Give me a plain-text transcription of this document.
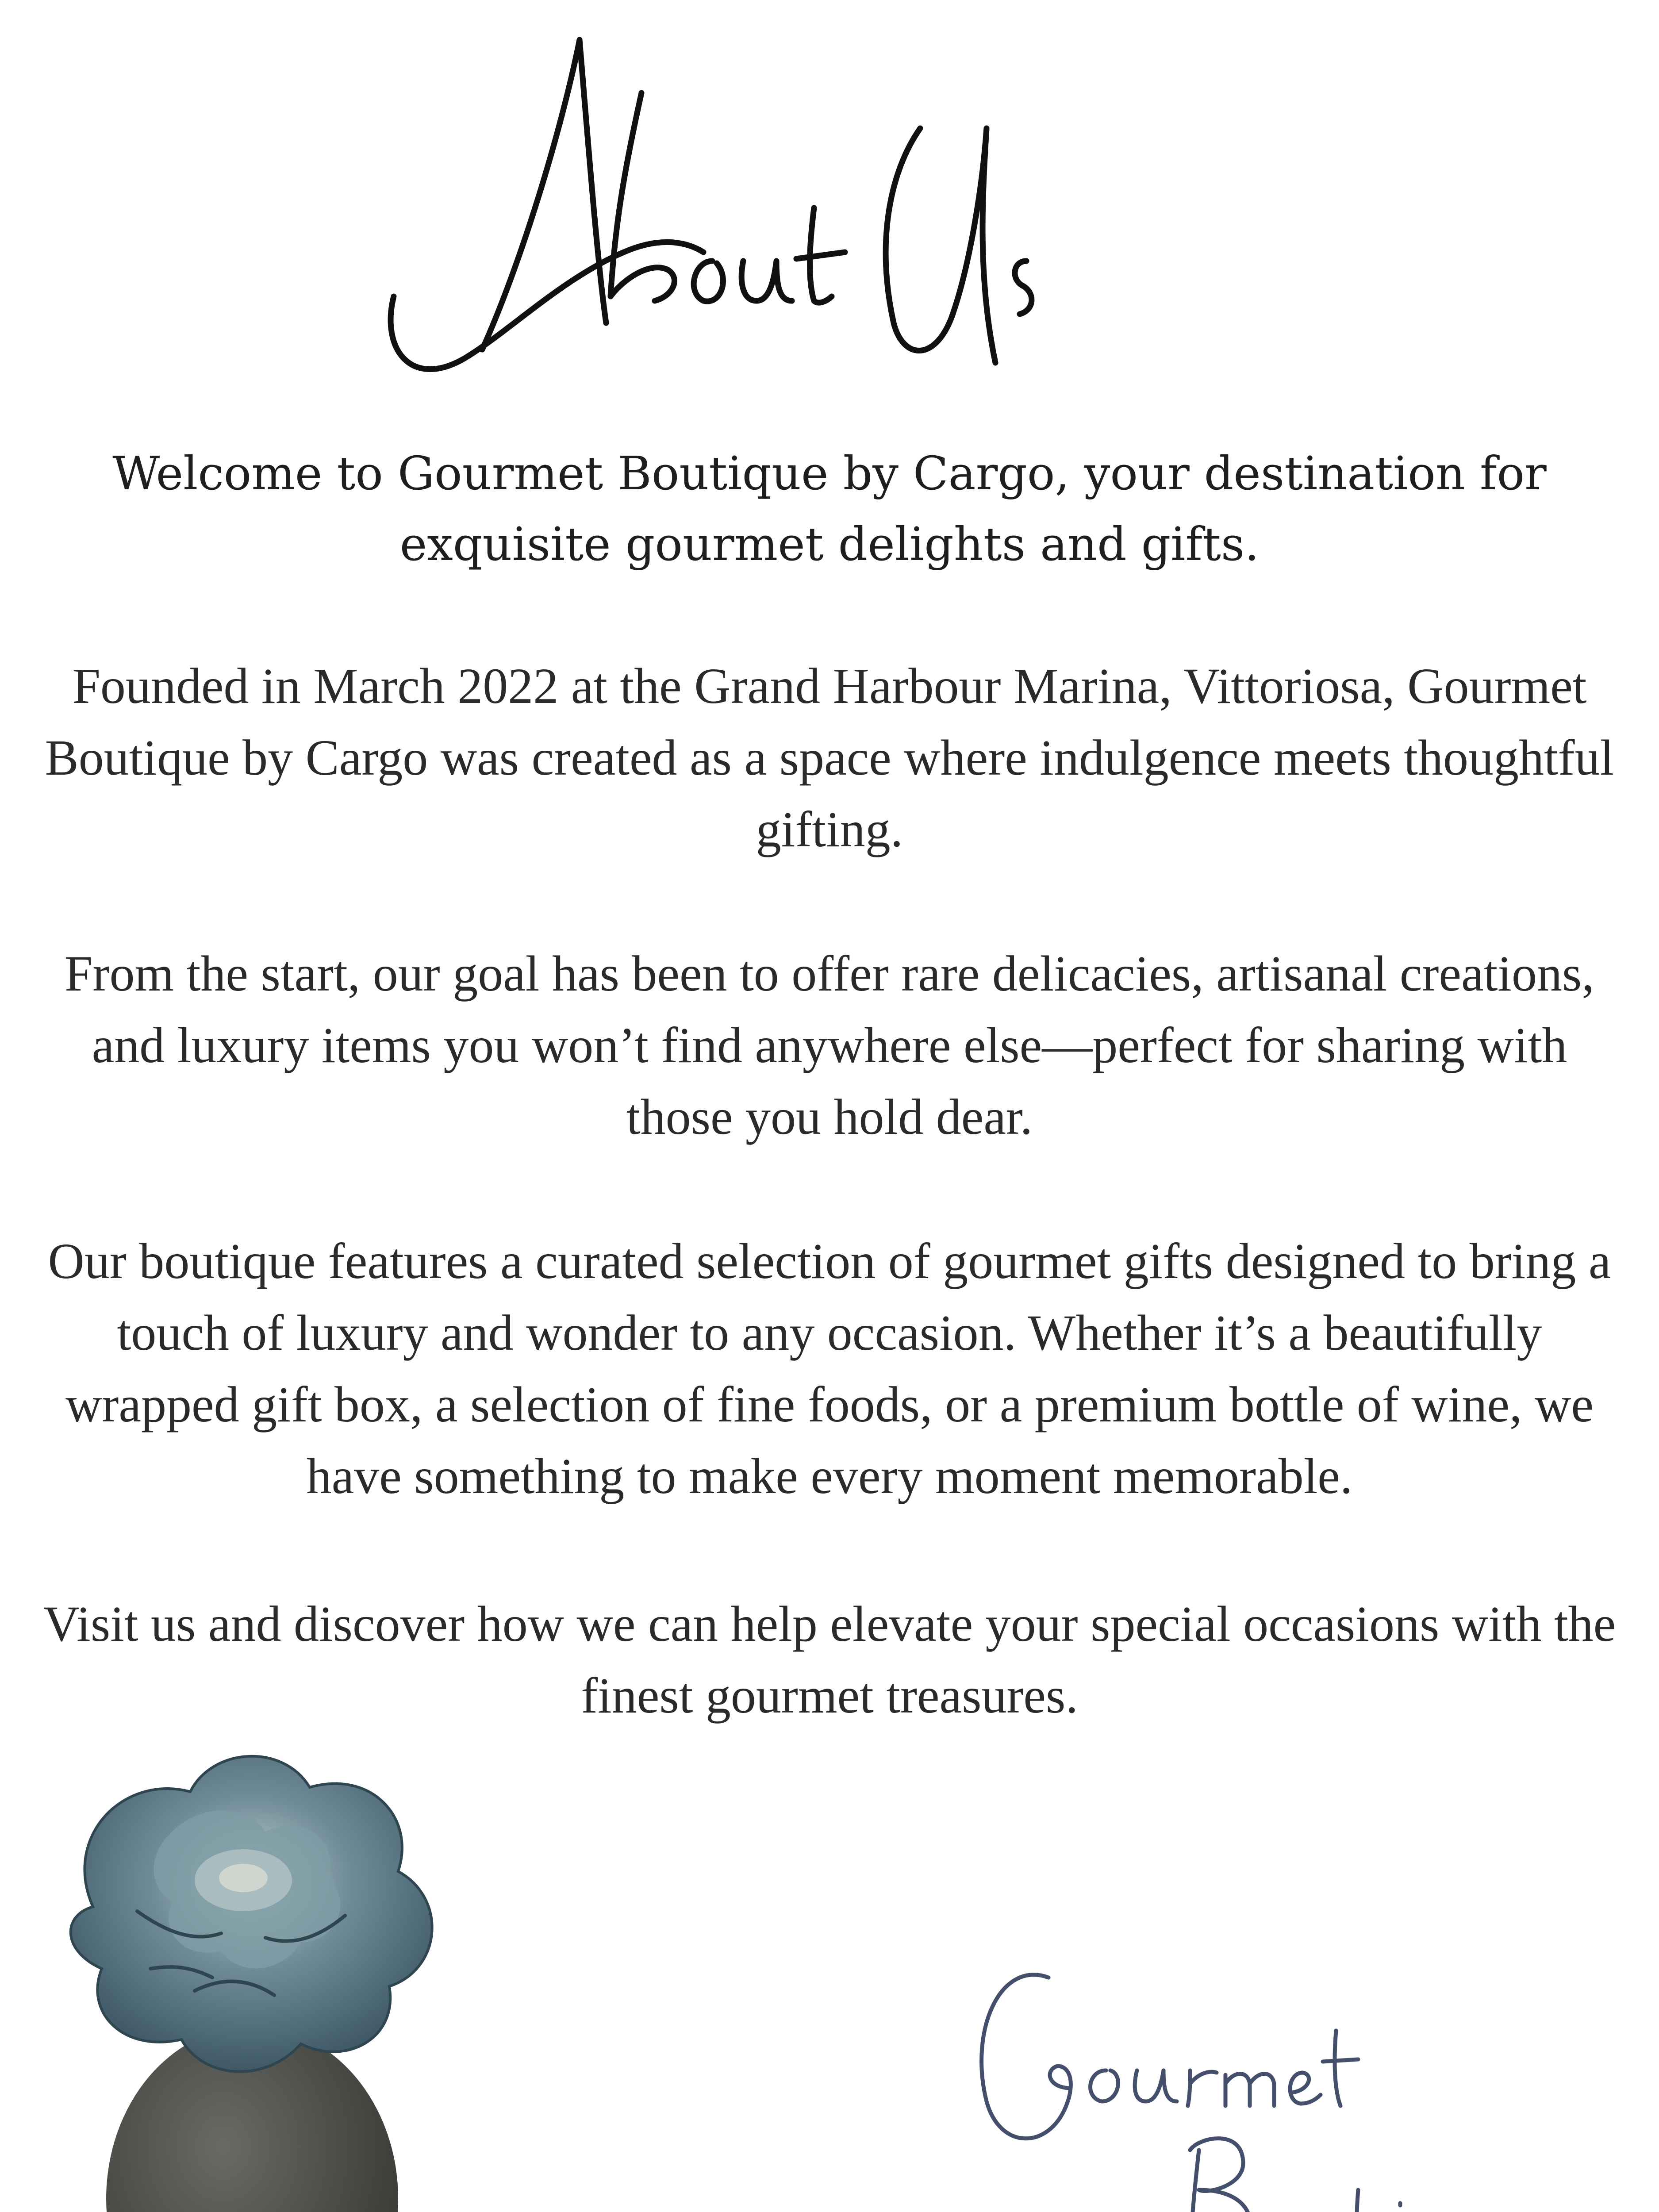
Welcome to Gourmet Boutique by Cargo, your destination for exquisite gourmet delights and gifts.
Founded in March 2022 at the Grand Harbour Marina, Vittoriosa, Gourmet Boutique by Cargo was created as a space where indulgence meets thoughtful gifting.
From the start, our goal has been to offer rare delicacies, artisanal creations, and luxury items you won’t find anywhere else—perfect for sharing with those you hold dear.
Our boutique features a curated selection of gourmet gifts designed to bring a touch of luxury and wonder to any occasion. Whether it’s a beautifully wrapped gift box, a selection of fine foods, or a premium bottle of wine, we have something to make every moment memorable.
Visit us and discover how we can help elevate your special occasions with the finest gourmet treasures.
